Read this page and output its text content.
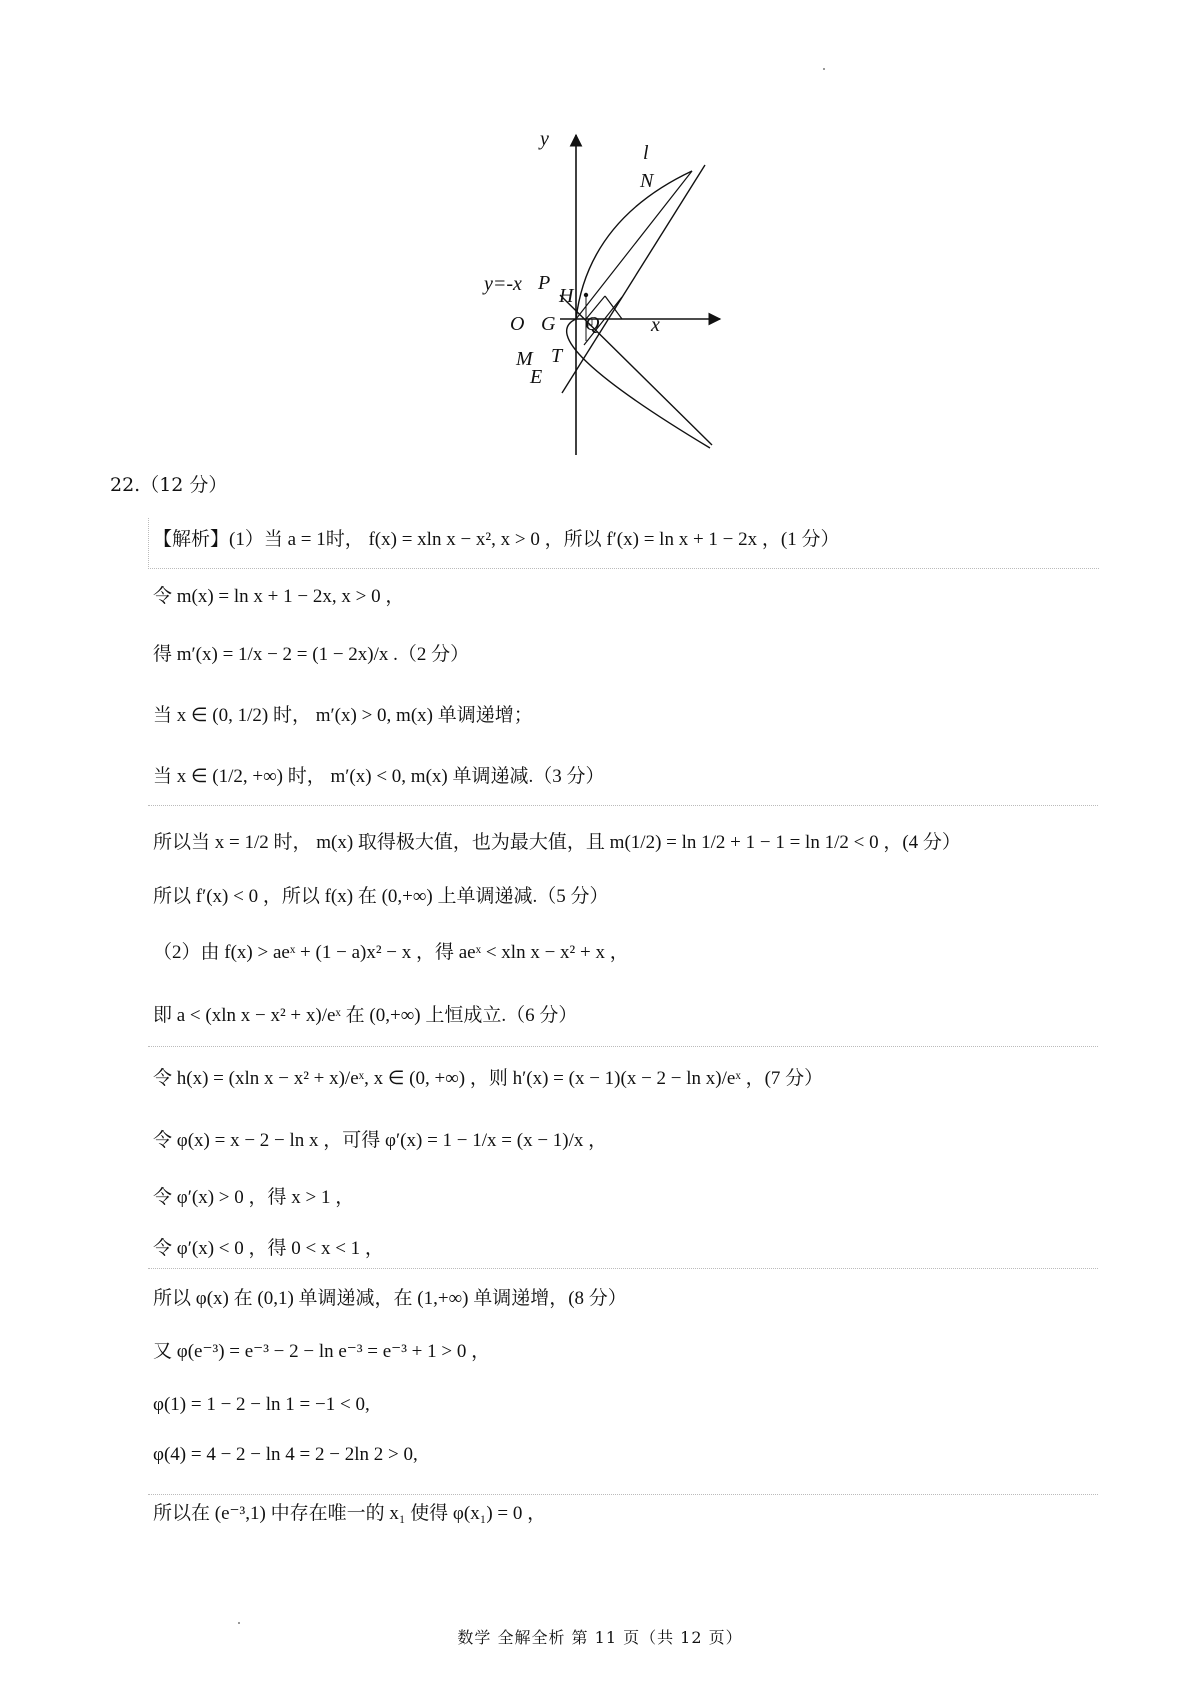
y
l
N
y=-x P
H
O G Q	x
M T
E
22.（12 分）
【解析】(1）当 a = 1时， f(x) = xln x − x², x > 0 ，所以 f′(x) = ln x + 1 − 2x ，(1 分）
令 m(x) = ln x + 1 − 2x, x > 0 ，
得 m′(x) = 1/x − 2 = (1 − 2x)/x .（2 分）
当 x ∈ (0, 1/2) 时， m′(x) > 0, m(x) 单调递增；
当 x ∈ (1/2, +∞) 时， m′(x) < 0, m(x) 单调递减.（3 分）
所以当 x = 1/2 时， m(x) 取得极大值，也为最大值，且 m(1/2) = ln 1/2 + 1 − 1 = ln 1/2 < 0 ，(4 分）
所以 f′(x) < 0 ，所以 f(x) 在 (0,+∞) 上单调递减.（5 分）
（2）由 f(x) > aeˣ + (1 − a)x² − x ，得 aeˣ < xln x − x² + x ，
即 a < (xln x − x² + x)/eˣ 在 (0,+∞) 上恒成立.（6 分）
令 h(x) = (xln x − x² + x)/eˣ, x ∈ (0, +∞) ，则 h′(x) = (x − 1)(x − 2 − ln x)/eˣ ，(7 分）
令 φ(x) = x − 2 − ln x ，可得 φ′(x) = 1 − 1/x = (x − 1)/x ，
令 φ′(x) > 0 ，得 x > 1 ，
令 φ′(x) < 0 ，得 0 < x < 1 ，
所以 φ(x) 在 (0,1) 单调递减，在 (1,+∞) 单调递增，(8 分）
又 φ(e⁻³) = e⁻³ − 2 − ln e⁻³ = e⁻³ + 1 > 0 ，
φ(1) = 1 − 2 − ln 1 = −1 < 0,
φ(4) = 4 − 2 − ln 4 = 2 − 2ln 2 > 0,
所以在 (e⁻³,1) 中存在唯一的 x₁ 使得 φ(x₁) = 0 ，
数学 全解全析 第 11 页（共 12 页）
